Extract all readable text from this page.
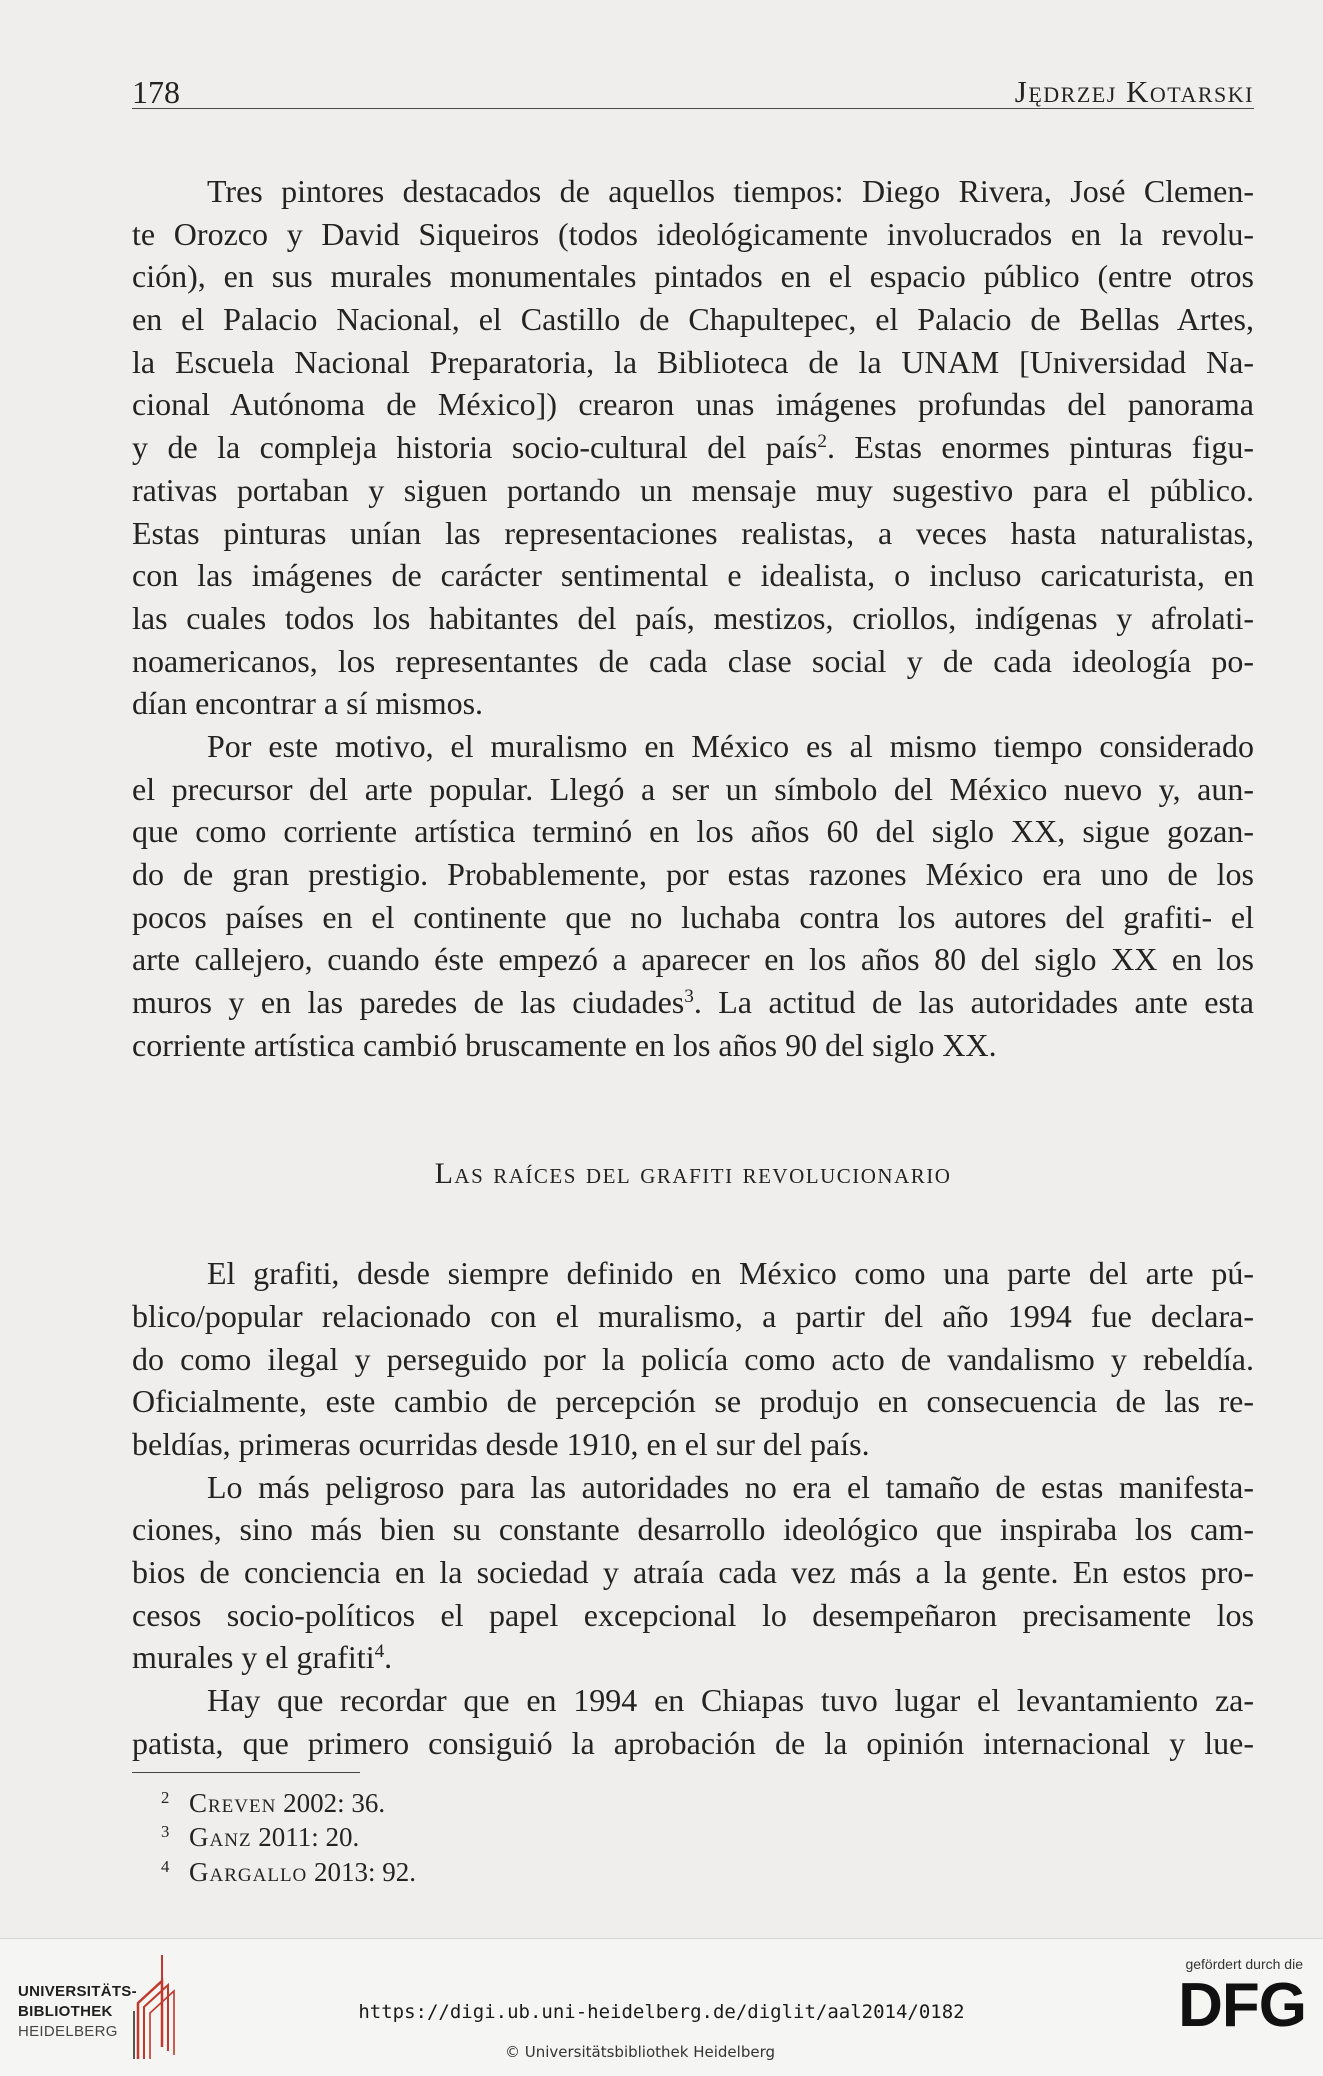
178	Jędrzej Kotarski
Tres pintores destacados de aquellos tiempos: Diego Rivera, José Clemen-
te Orozco y David Siqueiros (todos ideológicamente involucrados en la revolu-
ción), en sus murales monumentales pintados en el espacio público (entre otros
en el Palacio Nacional, el Castillo de Chapultepec, el Palacio de Bellas Artes,
la Escuela Nacional Preparatoria, la Biblioteca de la UNAM [Universidad Na-
cional Autónoma de México]) crearon unas imágenes profundas del panorama
y de la compleja historia socio-cultural del país$^2$. Estas enormes pinturas figu-
rativas portaban y siguen portando un mensaje muy sugestivo para el público.
Estas pinturas unían las representaciones realistas, a veces hasta naturalistas,
con las imágenes de carácter sentimental e idealista, o incluso caricaturista, en
las cuales todos los habitantes del país, mestizos, criollos, indígenas y afrolati-
noamericanos, los representantes de cada clase social y de cada ideología po-
dían encontrar a sí mismos.
Por este motivo, el muralismo en México es al mismo tiempo considerado
el precursor del arte popular. Llegó a ser un símbolo del México nuevo y, aun-
que como corriente artística terminó en los años 60 del siglo XX, sigue gozan-
do de gran prestigio. Probablemente, por estas razones México era uno de los
pocos países en el continente que no luchaba contra los autores del grafiti- el
arte callejero, cuando éste empezó a aparecer en los años 80 del siglo XX en los
muros y en las paredes de las ciudades$^3$. La actitud de las autoridades ante esta
corriente artística cambió bruscamente en los años 90 del siglo XX.
Las raíces del grafiti revolucionario
El grafiti, desde siempre definido en México como una parte del arte pú-
blico/popular relacionado con el muralismo, a partir del año 1994 fue declara-
do como ilegal y perseguido por la policía como acto de vandalismo y rebeldía.
Oficialmente, este cambio de percepción se produjo en consecuencia de las re-
beldías, primeras ocurridas desde 1910, en el sur del país.
Lo más peligroso para las autoridades no era el tamaño de estas manifesta-
ciones, sino más bien su constante desarrollo ideológico que inspiraba los cam-
bios de conciencia en la sociedad y atraía cada vez más a la gente. En estos pro-
cesos socio-políticos el papel excepcional lo desempeñaron precisamente los
murales y el grafiti$^4$.
Hay que recordar que en 1994 en Chiapas tuvo lugar el levantamiento za-
patista, que primero consiguió la aprobación de la opinión internacional y lue-
2 Creven 2002: 36.
3 Ganz 2011: 20.
4 Gargallo 2013: 92.
UNIVERSITÄTS-
BIBLIOTHEK
HEIDELBERG
https://digi.ub.uni-heidelberg.de/diglit/aal2014/0182
© Universitätsbibliothek Heidelberg
gefördert durch die
DFG
